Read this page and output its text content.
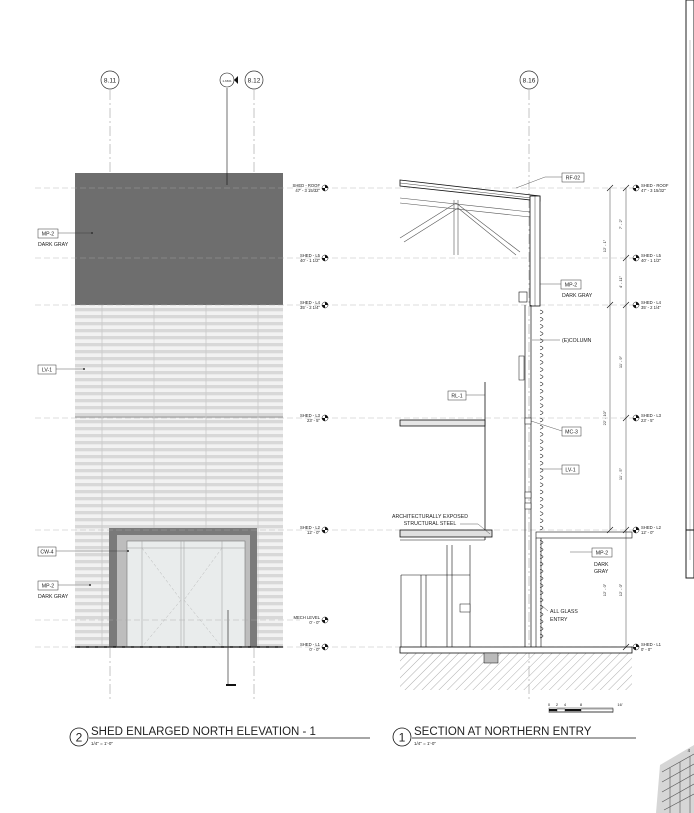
1 A501
8.11	8.12
MP-2
DARK GRAY
LV-1
CW-4
MP-2
DARK GRAY
SHED - ROOF
47' - 3 15/32"
SHED - L5
40' - 1 1/2"
SHED - L4
35' - 2 1/4"
SHED - L3
23' - 5"
SHED - L2
12' - 0"
MECH LEVEL
0' - 0"
SHED - L1
0' - 0"
2 SHED ENLARGED NORTH ELEVATION - 1
1/4" = 1'-0"
8.16
RF-02
MP-2
DARK GRAY
(E)COLUMN
RL-1
MC-3
LV-1
ARCHITECTURALLY EXPOSED
STRUCTURAL STEEL
MP-2
DARK
GRAY
ALL GLASS
ENTRY
SHED - ROOF
47' - 3 15/32"
SHED - L5
40' - 1 1/2"
SHED - L4
35' - 2 1/4"
SHED - L3
23' - 5"
SHED - L2
12' - 0"
SHED - L1
0' - 0"
7' - 2"
12' - 1"
4' - 11"
11' - 9"
22' - 10"
11' - 5"
12' - 0"	12' - 0"
0 2 4	8	16'
1 SECTION AT NORTHERN ENTRY
1/4" = 1'-0"
4
